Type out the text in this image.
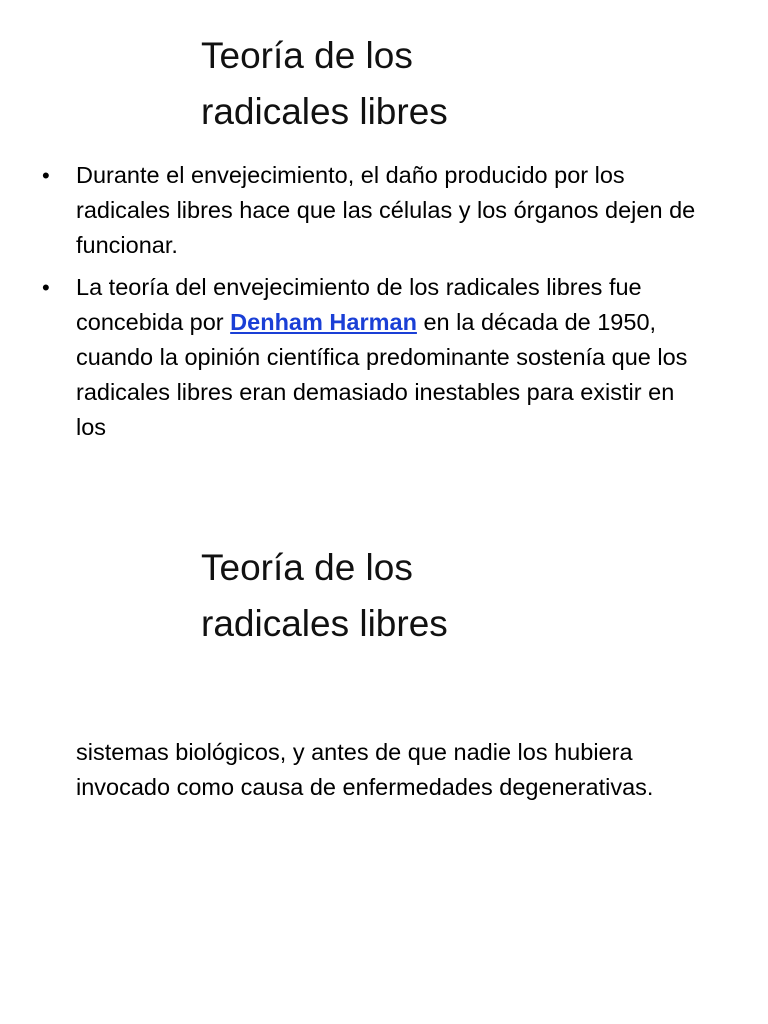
Teoría de los
radicales libres
• Durante el envejecimiento, el daño producido por los radicales libres hace que las células y los órganos dejen de funcionar.
• La teoría del envejecimiento de los radicales libres fue concebida por Denham Harman en la década de 1950, cuando la opinión científica predominante sostenía que los radicales libres eran demasiado inestables para existir en los
Teoría de los
radicales libres

sistemas biológicos, y antes de que nadie los hubiera invocado como causa de enfermedades degenerativas.
